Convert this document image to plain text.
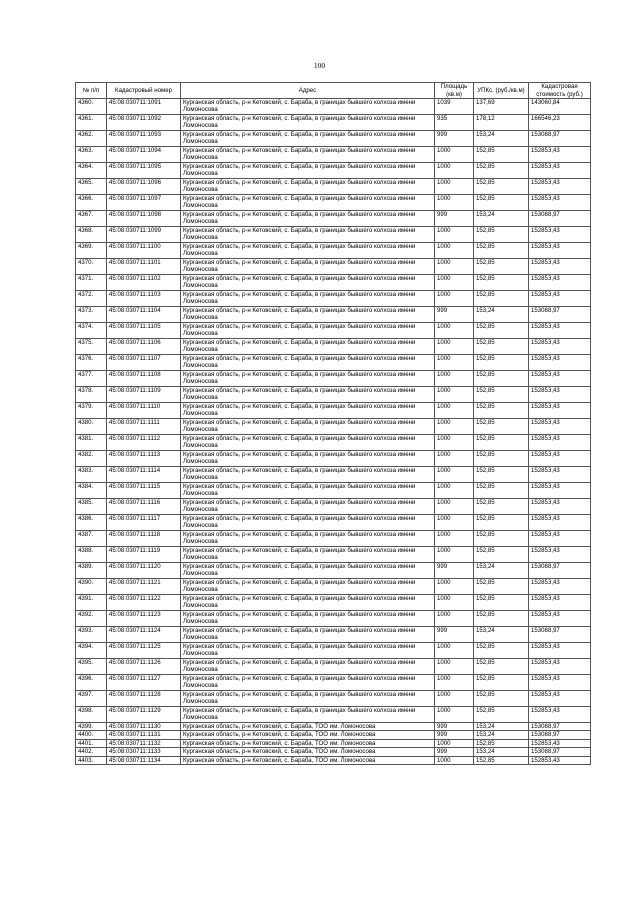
100
№ п/п	Кадастровый номер	Адрес	Площадь (кв.м)	УПКс. (руб./кв.м)	Кадастровая стоимость (руб.)
4360.	45:08:030711:1091	Курганская область, р-н Кетовский, с. Бараба, в границах бывшего колхоза имени Ломоносова	1039	137,69	143060,84
4361.	45:08:030711:1092	Курганская область, р-н Кетовский, с. Бараба, в границах бывшего колхоза имени Ломоносова	935	178,12	166546,23
4362.	45:08:030711:1093	Курганская область, р-н Кетовский, с. Бараба, в границах бывшего колхоза имени Ломоносова	999	153,24	153088,97
4363.	45:08:030711:1094	Курганская область, р-н Кетовский, с. Бараба, в границах бывшего колхоза имени Ломоносова	1000	152,85	152853,43
4364.	45:08:030711:1095	Курганская область, р-н Кетовский, с. Бараба, в границах бывшего колхоза имени Ломоносова	1000	152,85	152853,43
4365.	45:08:030711:1096	Курганская область, р-н Кетовский, с. Бараба, в границах бывшего колхоза имени Ломоносова	1000	152,85	152853,43
4366.	45:08:030711:1097	Курганская область, р-н Кетовский, с. Бараба, в границах бывшего колхоза имени Ломоносова	1000	152,85	152853,43
4367.	45:08:030711:1098	Курганская область, р-н Кетовский, с. Бараба, в границах бывшего колхоза имени Ломоносова	999	153,24	153088,97
4368.	45:08:030711:1099	Курганская область, р-н Кетовский, с. Бараба, в границах бывшего колхоза имени Ломоносова	1000	152,85	152853,43
4369.	45:08:030711:1100	Курганская область, р-н Кетовский, с. Бараба, в границах бывшего колхоза имени Ломоносова	1000	152,85	152853,43
4370.	45:08:030711:1101	Курганская область, р-н Кетовский, с. Бараба, в границах бывшего колхоза имени Ломоносова	1000	152,85	152853,43
4371.	45:08:030711:1102	Курганская область, р-н Кетовский, с. Бараба, в границах бывшего колхоза имени Ломоносова	1000	152,85	152853,43
4372.	45:08:030711:1103	Курганская область, р-н Кетовский, с. Бараба, в границах бывшего колхоза имени Ломоносова	1000	152,85	152853,43
4373.	45:08:030711:1104	Курганская область, р-н Кетовский, с. Бараба, в границах бывшего колхоза имени Ломоносова	999	153,24	153088,97
4374.	45:08:030711:1105	Курганская область, р-н Кетовский, с. Бараба, в границах бывшего колхоза имени Ломоносова	1000	152,85	152853,43
4375.	45:08:030711:1106	Курганская область, р-н Кетовский, с. Бараба, в границах бывшего колхоза имени Ломоносова	1000	152,85	152853,43
4376.	45:08:030711:1107	Курганская область, р-н Кетовский, с. Бараба, в границах бывшего колхоза имени Ломоносова	1000	152,85	152853,43
4377.	45:08:030711:1108	Курганская область, р-н Кетовский, с. Бараба, в границах бывшего колхоза имени Ломоносова	1000	152,85	152853,43
4378.	45:08:030711:1109	Курганская область, р-н Кетовский, с. Бараба, в границах бывшего колхоза имени Ломоносова	1000	152,85	152853,43
4379.	45:08:030711:1110	Курганская область, р-н Кетовский, с. Бараба, в границах бывшего колхоза имени Ломоносова	1000	152,85	152853,43
4380.	45:08:030711:1111	Курганская область, р-н Кетовский, с. Бараба, в границах бывшего колхоза имени Ломоносова	1000	152,85	152853,43
4381.	45:08:030711:1112	Курганская область, р-н Кетовский, с. Бараба, в границах бывшего колхоза имени Ломоносова	1000	152,85	152853,43
4382.	45:08:030711:1113	Курганская область, р-н Кетовский, с. Бараба, в границах бывшего колхоза имени Ломоносова	1000	152,85	152853,43
4383.	45:08:030711:1114	Курганская область, р-н Кетовский, с. Бараба, в границах бывшего колхоза имени Ломоносова	1000	152,85	152853,43
4384.	45:08:030711:1115	Курганская область, р-н Кетовский, с. Бараба, в границах бывшего колхоза имени Ломоносова	1000	152,85	152853,43
4385.	45:08:030711:1116	Курганская область, р-н Кетовский, с. Бараба, в границах бывшего колхоза имени Ломоносова	1000	152,85	152853,43
4386.	45:08:030711:1117	Курганская область, р-н Кетовский, с. Бараба, в границах бывшего колхоза имени Ломоносова	1000	152,85	152853,43
4387.	45:08:030711:1118	Курганская область, р-н Кетовский, с. Бараба, в границах бывшего колхоза имени Ломоносова	1000	152,85	152853,43
4388.	45:08:030711:1119	Курганская область, р-н Кетовский, с. Бараба, в границах бывшего колхоза имени Ломоносова	1000	152,85	152853,43
4389.	45:08:030711:1120	Курганская область, р-н Кетовский, с. Бараба, в границах бывшего колхоза имени Ломоносова	999	153,24	153088,97
4390.	45:08:030711:1121	Курганская область, р-н Кетовский, с. Бараба, в границах бывшего колхоза имени Ломоносова	1000	152,85	152853,43
4391.	45:08:030711:1122	Курганская область, р-н Кетовский, с. Бараба, в границах бывшего колхоза имени Ломоносова	1000	152,85	152853,43
4392.	45:08:030711:1123	Курганская область, р-н Кетовский, с. Бараба, в границах бывшего колхоза имени Ломоносова	1000	152,85	152853,43
4393.	45:08:030711:1124	Курганская область, р-н Кетовский, с. Бараба, в границах бывшего колхоза имени Ломоносова	999	153,24	153088,97
4394.	45:08:030711:1125	Курганская область, р-н Кетовский, с. Бараба, в границах бывшего колхоза имени Ломоносова	1000	152,85	152853,43
4395.	45:08:030711:1126	Курганская область, р-н Кетовский, с. Бараба, в границах бывшего колхоза имени Ломоносова	1000	152,85	152853,43
4396.	45:08:030711:1127	Курганская область, р-н Кетовский, с. Бараба, в границах бывшего колхоза имени Ломоносова	1000	152,85	152853,43
4397.	45:08:030711:1128	Курганская область, р-н Кетовский, с. Бараба, в границах бывшего колхоза имени Ломоносова	1000	152,85	152853,43
4398.	45:08:030711:1129	Курганская область, р-н Кетовский, с. Бараба, в границах бывшего колхоза имени Ломоносова	1000	152,85	152853,43
4399.	45:08:030711:1130	Курганская область, р-н Кетовский, с. Бараба, ТОО им. Ломоносова	999	153,24	153088,97
4400.	45:08:030711:1131	Курганская область, р-н Кетовский, с. Бараба, ТОО им. Ломоносова	999	153,24	153088,97
4401.	45:08:030711:1132	Курганская область, р-н Кетовский, с. Бараба, ТОО им. Ломоносова	1000	152,85	152853,43
4402.	45:08:030711:1133	Курганская область, р-н Кетовский, с. Бараба, ТОО им. Ломоносова	999	153,24	153088,97
4403.	45:08:030711:1134	Курганская область, р-н Кетовский, с. Бараба, ТОО им. Ломоносова	1000	152,85	152853,43
